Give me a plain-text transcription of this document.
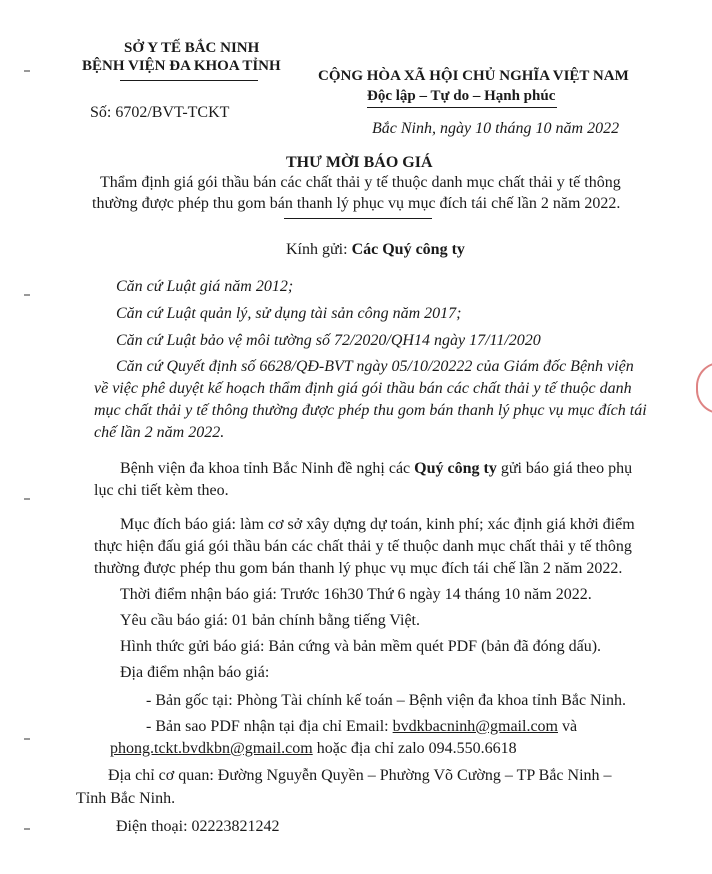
SỞ Y TẾ BẮC NINH
BỆNH VIỆN ĐA KHOA TỈNH
Số: 6702/BVT-TCKT
CỘNG HÒA XÃ HỘI CHỦ NGHĨA VIỆT NAM
Độc lập – Tự do – Hạnh phúc
Bắc Ninh, ngày 10 tháng 10 năm 2022
THƯ MỜI BÁO GIÁ
Thẩm định giá gói thầu bán các chất thải y tế thuộc danh mục chất thải y tế thông
thường được phép thu gom bán thanh lý phục vụ mục đích tái chế lần 2 năm 2022.
Kính gửi: Các Quý công ty
Căn cứ Luật giá năm 2012;
Căn cứ Luật quản lý, sử dụng tài sản công năm 2017;
Căn cứ Luật bảo vệ môi tường số 72/2020/QH14 ngày 17/11/2020
Căn cứ Quyết định số 6628/QĐ-BVT ngày 05/10/20222 của Giám đốc Bệnh viện
về việc phê duyệt kế hoạch thẩm định giá gói thầu bán các chất thải y tế thuộc danh
mục chất thải y tế thông thường được phép thu gom bán thanh lý phục vụ mục đích tái
chế lần 2 năm 2022.
Bệnh viện đa khoa tỉnh Bắc Ninh đề nghị các Quý công ty gửi báo giá theo phụ
lục chi tiết kèm theo.
Mục đích báo giá: làm cơ sở xây dựng dự toán, kinh phí; xác định giá khởi điểm
thực hiện đấu giá gói thầu bán các chất thải y tế thuộc danh mục chất thải y tế thông
thường được phép thu gom bán thanh lý phục vụ mục đích tái chế lần 2 năm 2022.
Thời điểm nhận báo giá: Trước 16h30 Thứ 6 ngày 14 tháng 10 năm 2022.
Yêu cầu báo giá: 01 bản chính bằng tiếng Việt.
Hình thức gửi báo giá: Bản cứng và bản mềm quét PDF (bản đã đóng dấu).
Địa điểm nhận báo giá:
- Bản gốc tại: Phòng Tài chính kế toán – Bệnh viện đa khoa tỉnh Bắc Ninh.
- Bản sao PDF nhận tại địa chỉ Email: bvdkbacninh@gmail.com và
phong.tckt.bvdkbn@gmail.com hoặc địa chỉ zalo 094.550.6618
Địa chỉ cơ quan: Đường Nguyễn Quyền – Phường Võ Cường – TP Bắc Ninh –
Tỉnh Bắc Ninh.
Điện thoại: 02223821242
